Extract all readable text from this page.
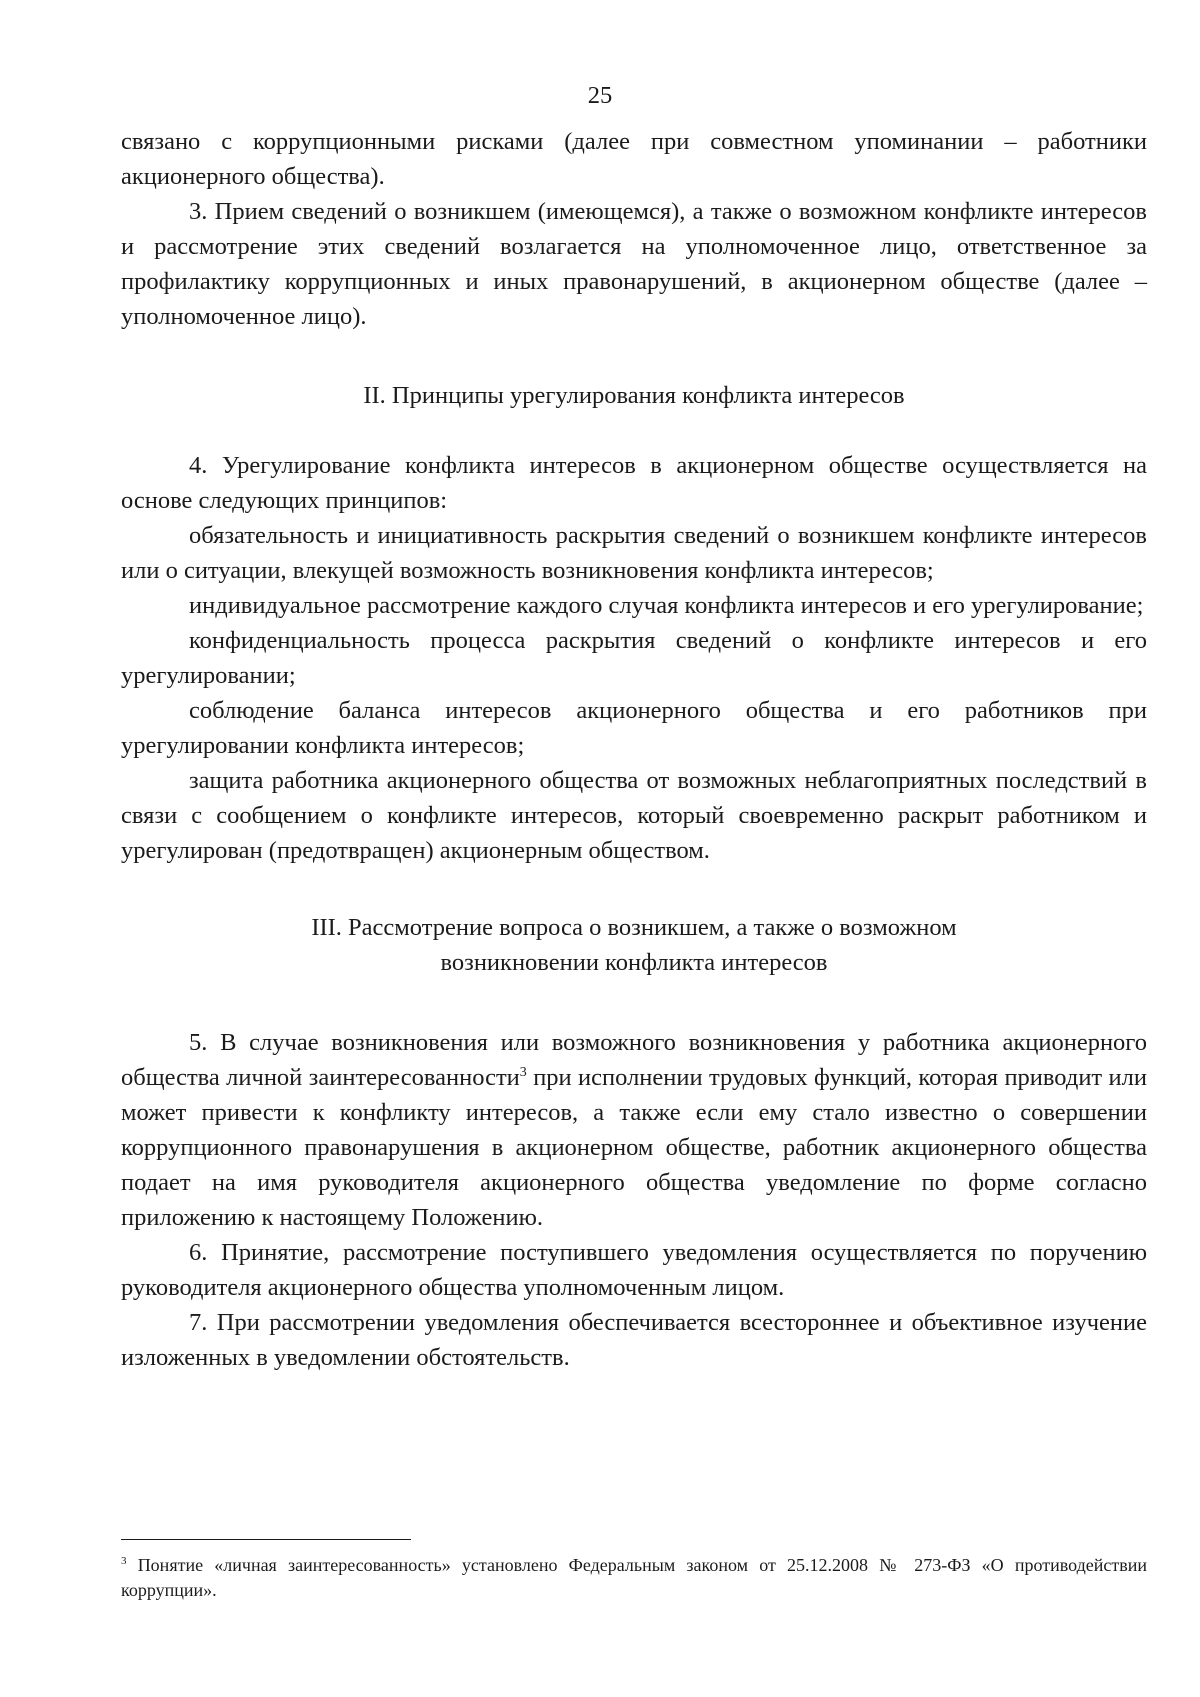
25

связано с коррупционными рисками (далее при совместном упоминании – работники акционерного общества).

3. Прием сведений о возникшем (имеющемся), а также о возможном конфликте интересов и рассмотрение этих сведений возлагается на уполномоченное лицо, ответственное за профилактику коррупционных и иных правонарушений, в акционерном обществе (далее – уполномоченное лицо).

II. Принципы урегулирования конфликта интересов

4. Урегулирование конфликта интересов в акционерном обществе осуществляется на основе следующих принципов:

обязательность и инициативность раскрытия сведений о возникшем конфликте интересов или о ситуации, влекущей возможность возникновения конфликта интересов;

индивидуальное рассмотрение каждого случая конфликта интересов и его урегулирование;

конфиденциальность процесса раскрытия сведений о конфликте интересов и его урегулировании;

соблюдение баланса интересов акционерного общества и его работников при урегулировании конфликта интересов;

защита работника акционерного общества от возможных неблагоприятных последствий в связи с сообщением о конфликте интересов, который своевременно раскрыт работником и урегулирован (предотвращен) акционерным обществом.

III. Рассмотрение вопроса о возникшем, а также о возможном

возникновении конфликта интересов

5. В случае возникновения или возможного возникновения у работника акционерного общества личной заинтересованности$^3$ при исполнении трудовых функций, которая приводит или может привести к конфликту интересов, а также если ему стало известно о совершении коррупционного правонарушения в акционерном обществе, работник акционерного общества подает на имя руководителя акционерного общества уведомление по форме согласно приложению к настоящему Положению.

6. Принятие, рассмотрение поступившего уведомления осуществляется по поручению руководителя акционерного общества уполномоченным лицом.

7. При рассмотрении уведомления обеспечивается всестороннее и объективное изучение изложенных в уведомлении обстоятельств.

$^3$ Понятие «личная заинтересованность» установлено Федеральным законом от 25.12.2008 № 273-ФЗ «О противодействии коррупции».
